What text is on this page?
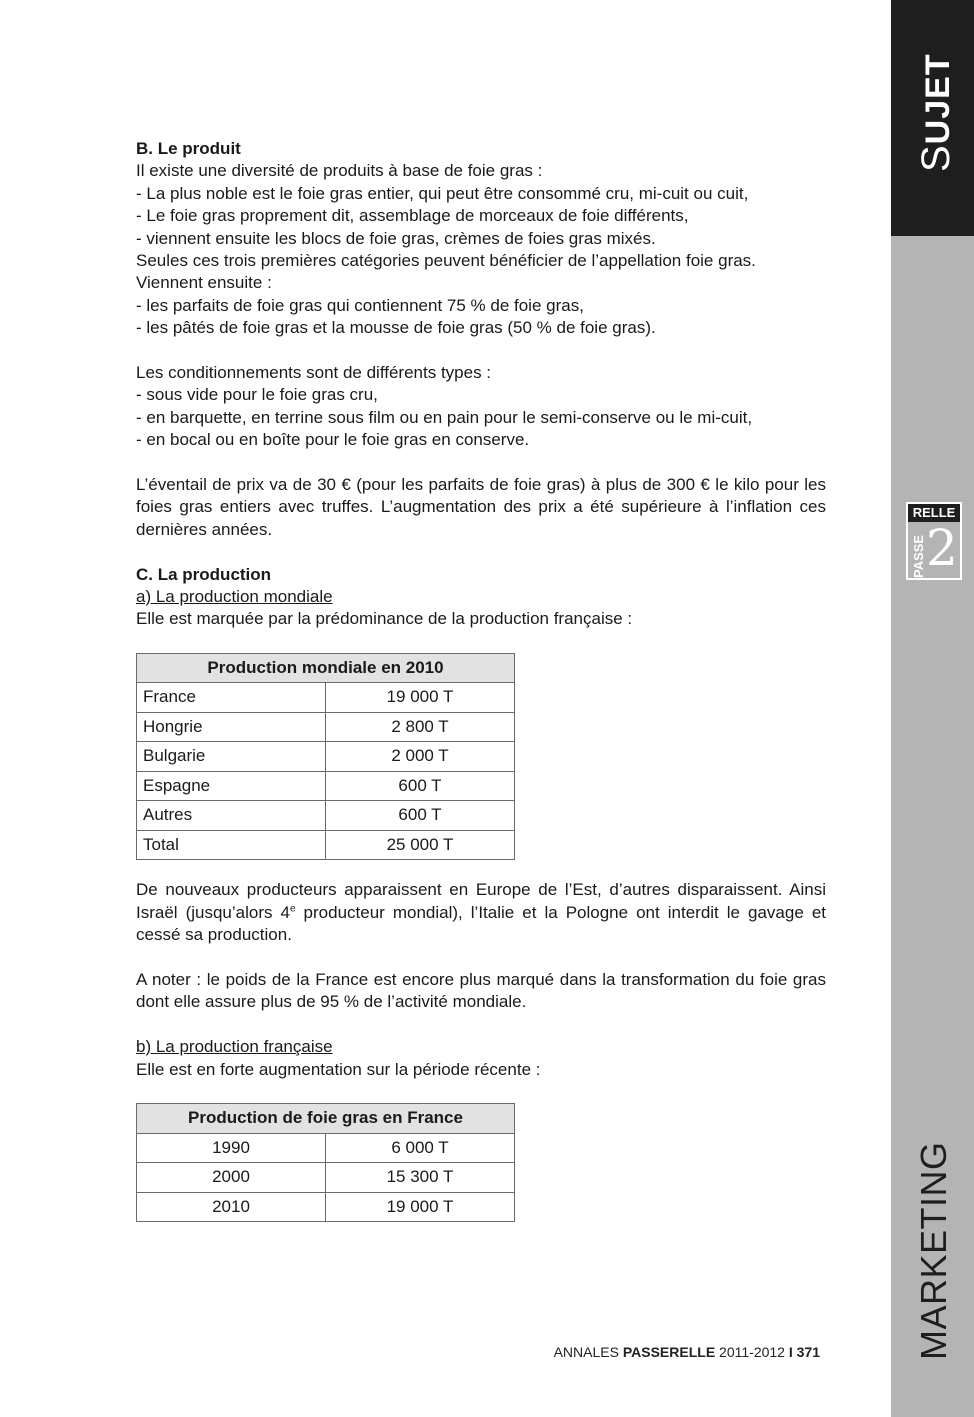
SUJET
RELLE
PASSE 2
MARKETING

B. Le produit

Il existe une diversité de produits à base de foie gras :

- La plus noble est le foie gras entier, qui peut être consommé cru, mi-cuit ou cuit,

- Le foie gras proprement dit, assemblage de morceaux de foie différents,

- viennent ensuite les blocs de foie gras, crèmes de foies gras mixés.

Seules ces trois premières catégories peuvent bénéficier de l’appellation foie gras.

Viennent ensuite :

- les parfaits de foie gras qui contiennent 75 % de foie gras,

- les pâtés de foie gras et la mousse de foie gras (50 % de foie gras).

Les conditionnements sont de différents types :

- sous vide pour le foie gras cru,

- en barquette, en terrine sous film ou en pain pour le semi-conserve ou le mi-cuit,

- en bocal ou en boîte pour le foie gras en conserve.

L’éventail de prix va de 30 € (pour les parfaits de foie gras) à plus de 300 € le kilo pour les foies gras entiers avec truffes. L’augmentation des prix a été supérieure à l’inflation ces dernières années.

C. La production

a) La production mondiale

Elle est marquée par la prédominance de la production française :

Production mondiale en 2010	
France	19 000 T
Hongrie	2 800 T
Bulgarie	2 000 T
Espagne	600 T
Autres	600 T
Total	25 000 T

De nouveaux producteurs apparaissent en Europe de l’Est, d’autres disparaissent. Ainsi Israël (jusqu’alors 4e producteur mondial), l’Italie et la Pologne ont interdit le gavage et cessé sa production.

A noter : le poids de la France est encore plus marqué dans la transformation du foie gras dont elle assure plus de 95 % de l’activité mondiale.

b) La production française

Elle est en forte augmentation sur la période récente :

Production de foie gras en France	
1990	6 000 T
2000	15 300 T
2010	19 000 T
ANNALES PASSERELLE 2011-2012 I 371
